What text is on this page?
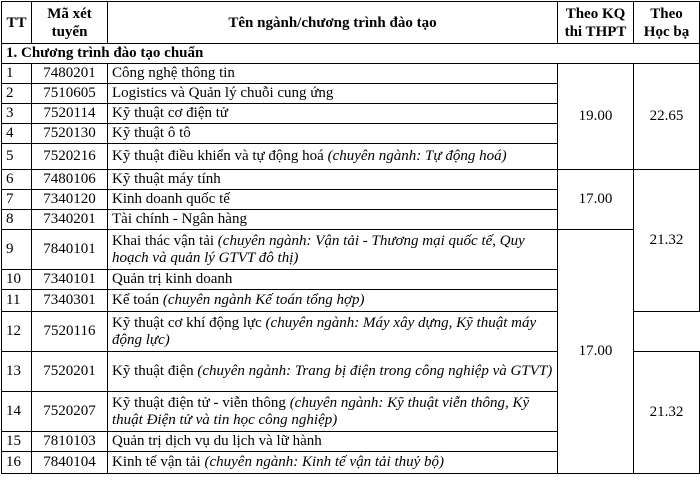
TT	Mã xét tuyển	Tên ngành/chương trình đào tạo	Theo KQ thi THPT	Theo Học bạ
1. Chương trình đào tạo chuẩn				
1	7480201	Công nghệ thông tin	19.00	22.65
2	7510605	Logistics và Quản lý chuỗi cung ứng		
3	7520114	Kỹ thuật cơ điện tử		
4	7520130	Kỹ thuật ô tô		
5	7520216	Kỹ thuật điều khiển và tự động hoá (chuyên ngành: Tự động hoá)		
6	7480106	Kỹ thuật máy tính	17.00	21.32
7	7340120	Kinh doanh quốc tế		
8	7340201	Tài chính - Ngân hàng		
9	7840101	Khai thác vận tải (chuyên ngành: Vận tải - Thương mại quốc tế, Quy hoạch và quản lý GTVT đô thị)	17.00	
10	7340101	Quản trị kinh doanh		
11	7340301	Kế toán (chuyên ngành Kế toán tổng hợp)		
12	7520116	Kỹ thuật cơ khí động lực (chuyên ngành: Máy xây dựng, Kỹ thuật máy động lực)		
13	7520201	Kỹ thuật điện (chuyên ngành: Trang bị điện trong công nghiệp và GTVT)		21.32
14	7520207	Kỹ thuật điện tử - viễn thông (chuyên ngành: Kỹ thuật viễn thông, Kỹ thuật Điện tử và tin học công nghiệp)		
15	7810103	Quản trị dịch vụ du lịch và lữ hành		
16	7840104	Kinh tế vận tải (chuyên ngành: Kinh tế vận tải thuỷ bộ)		
